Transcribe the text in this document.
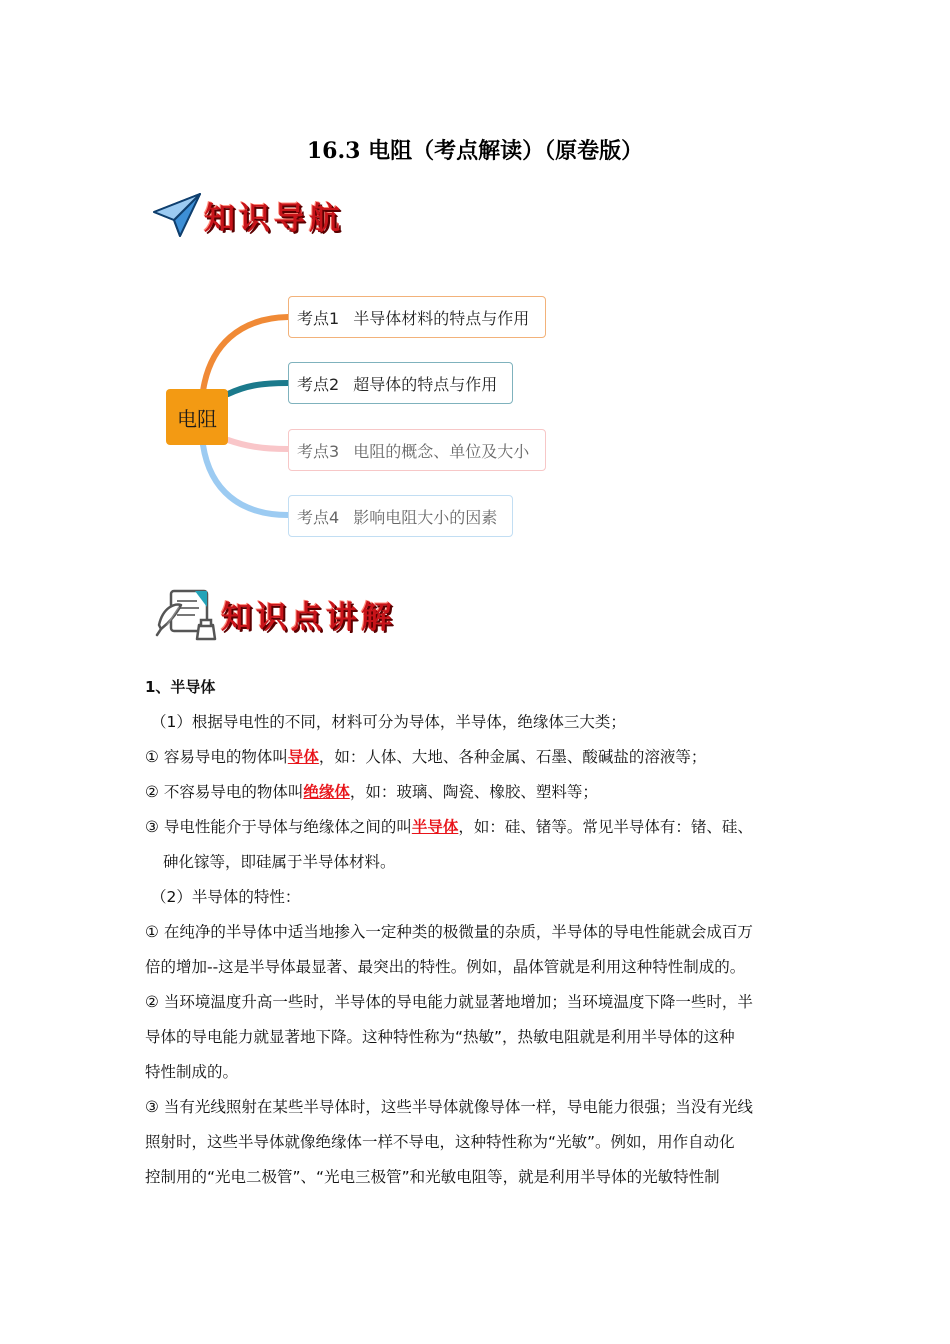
16.3 电阻（考点解读）（原卷版）
知识导航
电阻
考点1 半导体材料的特点与作用
考点2 超导体的特点与作用
考点3 电阻的概念、单位及大小
考点4 影响电阻大小的因素
知识点讲解

1、半导体

（1）根据导电性的不同，材料可分为导体，半导体，绝缘体三大类；

① 容易导电的物体叫导体，如：人体、大地、各种金属、石墨、酸碱盐的溶液等；

② 不容易导电的物体叫绝缘体，如：玻璃、陶瓷、橡胶、塑料等；

③ 导电性能介于导体与绝缘体之间的叫半导体，如：硅、锗等。常见半导体有：锗、硅、

砷化镓等，即硅属于半导体材料。

（2）半导体的特性：

① 在纯净的半导体中适当地掺入一定种类的极微量的杂质，半导体的导电性能就会成百万

倍的增加--这是半导体最显著、最突出的特性。例如，晶体管就是利用这种特性制成的。

② 当环境温度升高一些时，半导体的导电能力就显著地增加；当环境温度下降一些时，半

导体的导电能力就显著地下降。这种特性称为“热敏”，热敏电阻就是利用半导体的这种

特性制成的。

③ 当有光线照射在某些半导体时，这些半导体就像导体一样，导电能力很强；当没有光线

照射时，这些半导体就像绝缘体一样不导电，这种特性称为“光敏”。例如，用作自动化

控制用的“光电二极管”、“光电三极管”和光敏电阻等，就是利用半导体的光敏特性制
